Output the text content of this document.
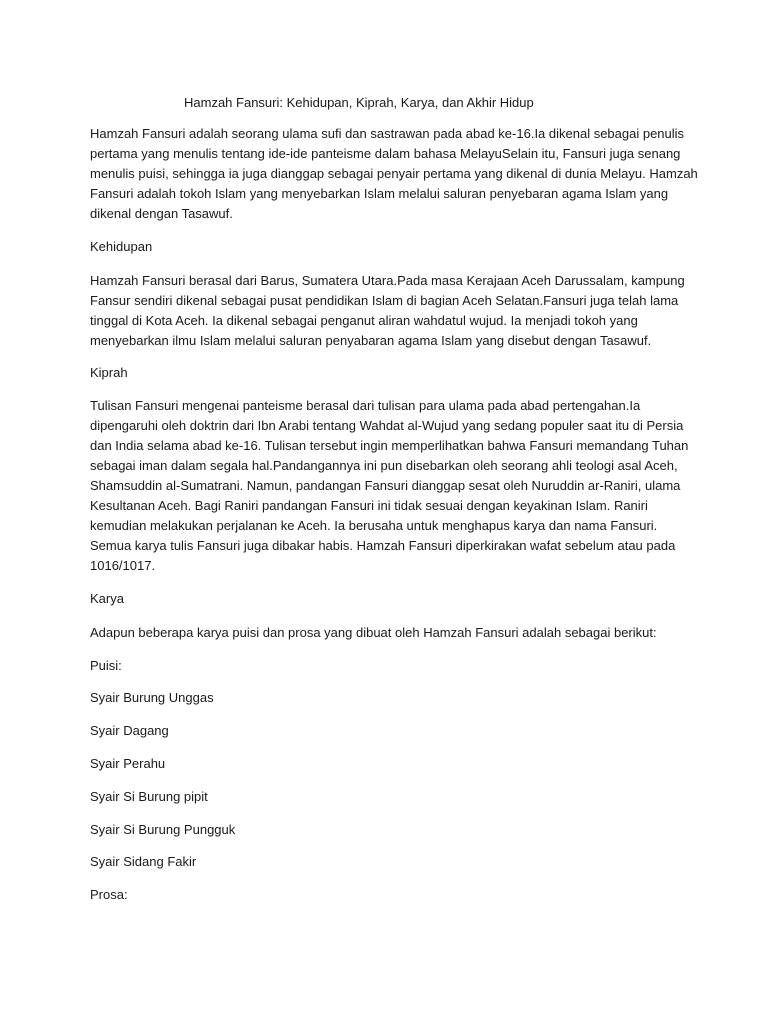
Hamzah Fansuri: Kehidupan, Kiprah, Karya, dan Akhir Hidup

Hamzah Fansuri adalah seorang ulama sufi dan sastrawan pada abad ke-16.Ia dikenal sebagai penulis
pertama yang menulis tentang ide-ide panteisme dalam bahasa MelayuSelain itu, Fansuri juga senang
menulis puisi, sehingga ia juga dianggap sebagai penyair pertama yang dikenal di dunia Melayu. Hamzah
Fansuri adalah tokoh Islam yang menyebarkan Islam melalui saluran penyebaran agama Islam yang
dikenal dengan Tasawuf.

Kehidupan

Hamzah Fansuri berasal dari Barus, Sumatera Utara.Pada masa Kerajaan Aceh Darussalam, kampung
Fansur sendiri dikenal sebagai pusat pendidikan Islam di bagian Aceh Selatan.Fansuri juga telah lama
tinggal di Kota Aceh. Ia dikenal sebagai penganut aliran wahdatul wujud. Ia menjadi tokoh yang
menyebarkan ilmu Islam melalui saluran penyabaran agama Islam yang disebut dengan Tasawuf.

Kiprah

Tulisan Fansuri mengenai panteisme berasal dari tulisan para ulama pada abad pertengahan.Ia
dipengaruhi oleh doktrin dari Ibn Arabi tentang Wahdat al-Wujud yang sedang populer saat itu di Persia
dan India selama abad ke-16. Tulisan tersebut ingin memperlihatkan bahwa Fansuri memandang Tuhan
sebagai iman dalam segala hal.Pandangannya ini pun disebarkan oleh seorang ahli teologi asal Aceh,
Shamsuddin al-Sumatrani. Namun, pandangan Fansuri dianggap sesat oleh Nuruddin ar-Raniri, ulama
Kesultanan Aceh. Bagi Raniri pandangan Fansuri ini tidak sesuai dengan keyakinan Islam. Raniri
kemudian melakukan perjalanan ke Aceh. Ia berusaha untuk menghapus karya dan nama Fansuri.
Semua karya tulis Fansuri juga dibakar habis. Hamzah Fansuri diperkirakan wafat sebelum atau pada
1016/1017.

Karya
Adapun beberapa karya puisi dan prosa yang dibuat oleh Hamzah Fansuri adalah sebagai berikut:
Puisi:
Syair Burung Unggas
Syair Dagang
Syair Perahu
Syair Si Burung pipit
Syair Si Burung Pungguk
Syair Sidang Fakir
Prosa:
